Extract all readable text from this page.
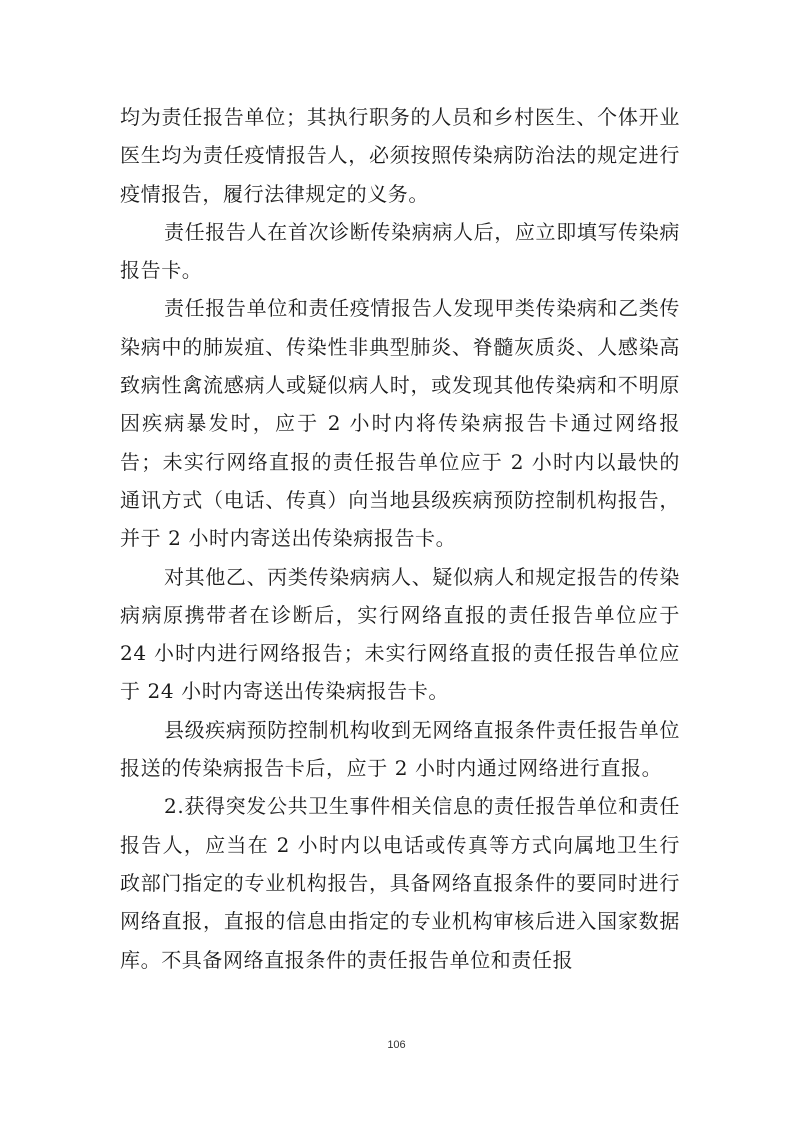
均为责任报告单位；其执行职务的人员和乡村医生、个体开业医生均为责任疫情报告人，必须按照传染病防治法的规定进行疫情报告，履行法律规定的义务。

责任报告人在首次诊断传染病病人后，应立即填写传染病报告卡。

责任报告单位和责任疫情报告人发现甲类传染病和乙类传染病中的肺炭疽、传染性非典型肺炎、脊髓灰质炎、人感染高致病性禽流感病人或疑似病人时，或发现其他传染病和不明原因疾病暴发时，应于 2 小时内将传染病报告卡通过网络报告；未实行网络直报的责任报告单位应于 2 小时内以最快的通讯方式（电话、传真）向当地县级疾病预防控制机构报告，并于 2 小时内寄送出传染病报告卡。

对其他乙、丙类传染病病人、疑似病人和规定报告的传染病病原携带者在诊断后，实行网络直报的责任报告单位应于 24 小时内进行网络报告；未实行网络直报的责任报告单位应于 24 小时内寄送出传染病报告卡。

县级疾病预防控制机构收到无网络直报条件责任报告单位报送的传染病报告卡后，应于 2 小时内通过网络进行直报。

2.获得突发公共卫生事件相关信息的责任报告单位和责任报告人，应当在 2 小时内以电话或传真等方式向属地卫生行政部门指定的专业机构报告，具备网络直报条件的要同时进行网络直报，直报的信息由指定的专业机构审核后进入国家数据库。不具备网络直报条件的责任报告单位和责任报

106
